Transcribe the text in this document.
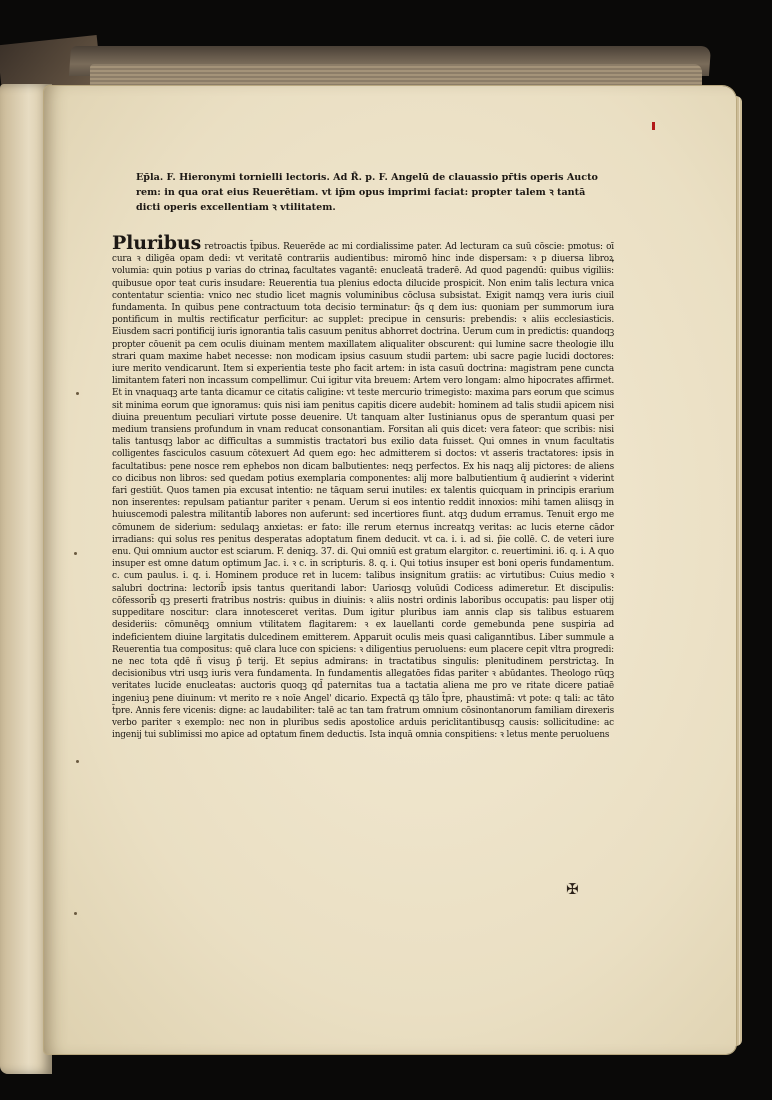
Ep̄la. F. Hieronymi tornielli lectoris. Ad R̄. p. F. Angelū de clauassio pr̄tis operis Aucto rem: in qua orat eius Reuerētiam. vt ip̄m opus imprimi faciat: propter talem ꝛ tantā dicti operis excellentiam ꝛ vtilitatem.

Pluribus retroactis t̄pibus. Reuerēde ac mi cordialissime pater. Ad lecturam ca suū cōscie: pmotus: oī cura ꝛ diligēa opam dedi: vt veritatē contrariis audientibus: miromō hinc inde dispersam: ꝛ p diuersa libroꝝ volumia: quin potius p varias do ctrinaꝝ facultates vagantē: enucleatā traderē. Ad quod pagendū: quibus vigiliis: quibusue opor teat curis insudare: Reuerentia tua plenius edocta dilucide prospicit. Non enim talis lectura vnica contentatur scientia: vnico nec studio licet magnis voluminibus cōclusa subsistat. Exigit namqꝫ vera iuris ciuil fundamenta. In quibus pene contractuum tota decisio terminatur: q̄s q dem ius: quoniam per summorum iura pontificum in multis rectificatur perficitur: ac supplet: precipue in censuris: prebendis: ꝛ aliis ecclesiasticis. Eiusdem sacri pontificij iuris ignorantia talis casuum penitus abhorret doctrina. Uerum cum in predictis: quandoqꝫ propter cōuenit pa cem oculis diuinam mentem maxillatem aliqualiter obscurent: qui lumine sacre theologie illu strari quam maxime habet necesse: non modicam ipsius casuum studii partem: ubi sacre pagie lucidi doctores: iure merito vendicarunt. Item si experientia teste pho facit artem: in ista casuū doctrina: magistram pene cuncta limitantem fateri non incassum compellimur. Cui igitur vita breuem: Artem vero longam: almo hipocrates affirmet. Et in vnaquaqꝫ arte tanta dicamur ce citatis caligine: vt teste mercurio trimegisto: maxima pars eorum que scimus sit minima eorum que ignoramus: quis nisi iam penitus capitis dicere audebit: hominem ad talis studii apicem nisi diuina preuentum peculiari virtute posse deuenire. Ut tanquam alter Iustinianus opus de sperantum quasi per medium transiens profundum in vnam reducat consonantiam. Forsitan ali quis dicet: vera fateor: que scribis: nisi talis tantusqꝫ labor ac difficultas a summistis tractatori bus exilio data fuisset. Qui omnes in vnum facultatis colligentes fasciculos casuum cōtexuert Ad quem ego: hec admitterem si doctos: vt asseris tractatores: ipsis in facultatibus: pene nosce rem ephebos non dicam balbutientes: neqꝫ perfectos. Ex his naqꝫ alij pictores: de aliens co dicibus non libros: sed quedam potius exemplaria componentes: alij more balbutientium q̄ audierint ꝛ viderint fari gestiūt. Quos tamen pia excusat intentio: ne tāquam serui inutiles: ex talentis quicquam in principis erarium non inserentes: repulsam patiantur pariter ꝛ penam. Uerum si eos intentio reddit innoxios: mihi tamen aliisqꝫ in huiuscemodi palestra militantib̄ labores non auferunt: sed incertiores fiunt. atqꝫ dudum erramus. Tenuit ergo me cōmunem de siderium: sedulaqꝫ anxietas: er fato: ille rerum eternus increatqꝫ veritas: ac lucis eterne cādor irradians: qui solus res penitus desperatas adoptatum finem deducit. vt ca. i. i. ad si. p̄ie collē. C. de veteri iure enu. Qui omnium auctor est sciarum. F. deniqꝫ. 37. di. Qui omniū est gratum elargitor. c. reuertimini. i6. q. i. A quo insuper est omne datum optimum Jac. i. ꝛ c. in scripturis. 8. q. i. Qui totius insuper est boni operis fundamentum. c. cum paulus. i. q. i. Hominem produce ret in lucem: talibus insignitum gratiis: ac virtutibus: Cuius medio ꝛ salubri doctrina: lectorib̄ ipsis tantus queritandi labor: Uariosqꝫ voluūdi Codicess adimeretur. Et discipulis: cōfessorib̄ qꝫ preserti fratribus nostris: quibus in diuinis: ꝛ aliis nostri ordinis laboribus occupatis: pau lisper otij suppeditare noscitur: clara innotesceret veritas. Dum igitur pluribus iam annis clap sis talibus estuarem desideriis: cōmunēqꝫ omnium vtilitatem flagitarem: ꝛ ex lauellanti corde gemebunda pene suspiria ad indeficientem diuine largitatis dulcedinem emitterem. Apparuit oculis meis quasi caliganntibus. Liber summule a Reuerentia tua compositus: quē clara luce con spiciens: ꝛ diligentius peruoluens: eum placere cepit vltra progredi: ne nec tota qdē ñ visuꝫ p̄ terij. Et sepius admirans: in tractatibus singulis: plenitudinem perstrictaꝫ. In decisionibus vtri usqꝫ iuris vera fundamenta. In fundamentis allegatōes fidas pariter ꝛ abūdantes. Theologo rūqꝫ veritates lucide enucleatas: auctoris quoqꝫ qd̄ paternitas tua a tactatia aliena me pro ve ritate dicere patiaē ingeniuꝫ pene diuinum: vt merito re ꝛ noīe Angel' dicario. Expectā qꝫ tālo t̄pre, phaustimā: vt pote: q tali: ac tāto t̄pre. Annis fere vicenis: digne: ac laudabiliter: talē ac tan tam fratrum omnium cōsinontanorum familiam direxeris verbo pariter ꝛ exemplo: nec non in pluribus sedis apostolice arduis periclitantibusqꝫ causis: sollicitudine: ac ingenij tui sublimissi mo apice ad optatum finem deductis. Ista inquā omnia conspitiens: ꝛ letus mente peruoluens

✠
